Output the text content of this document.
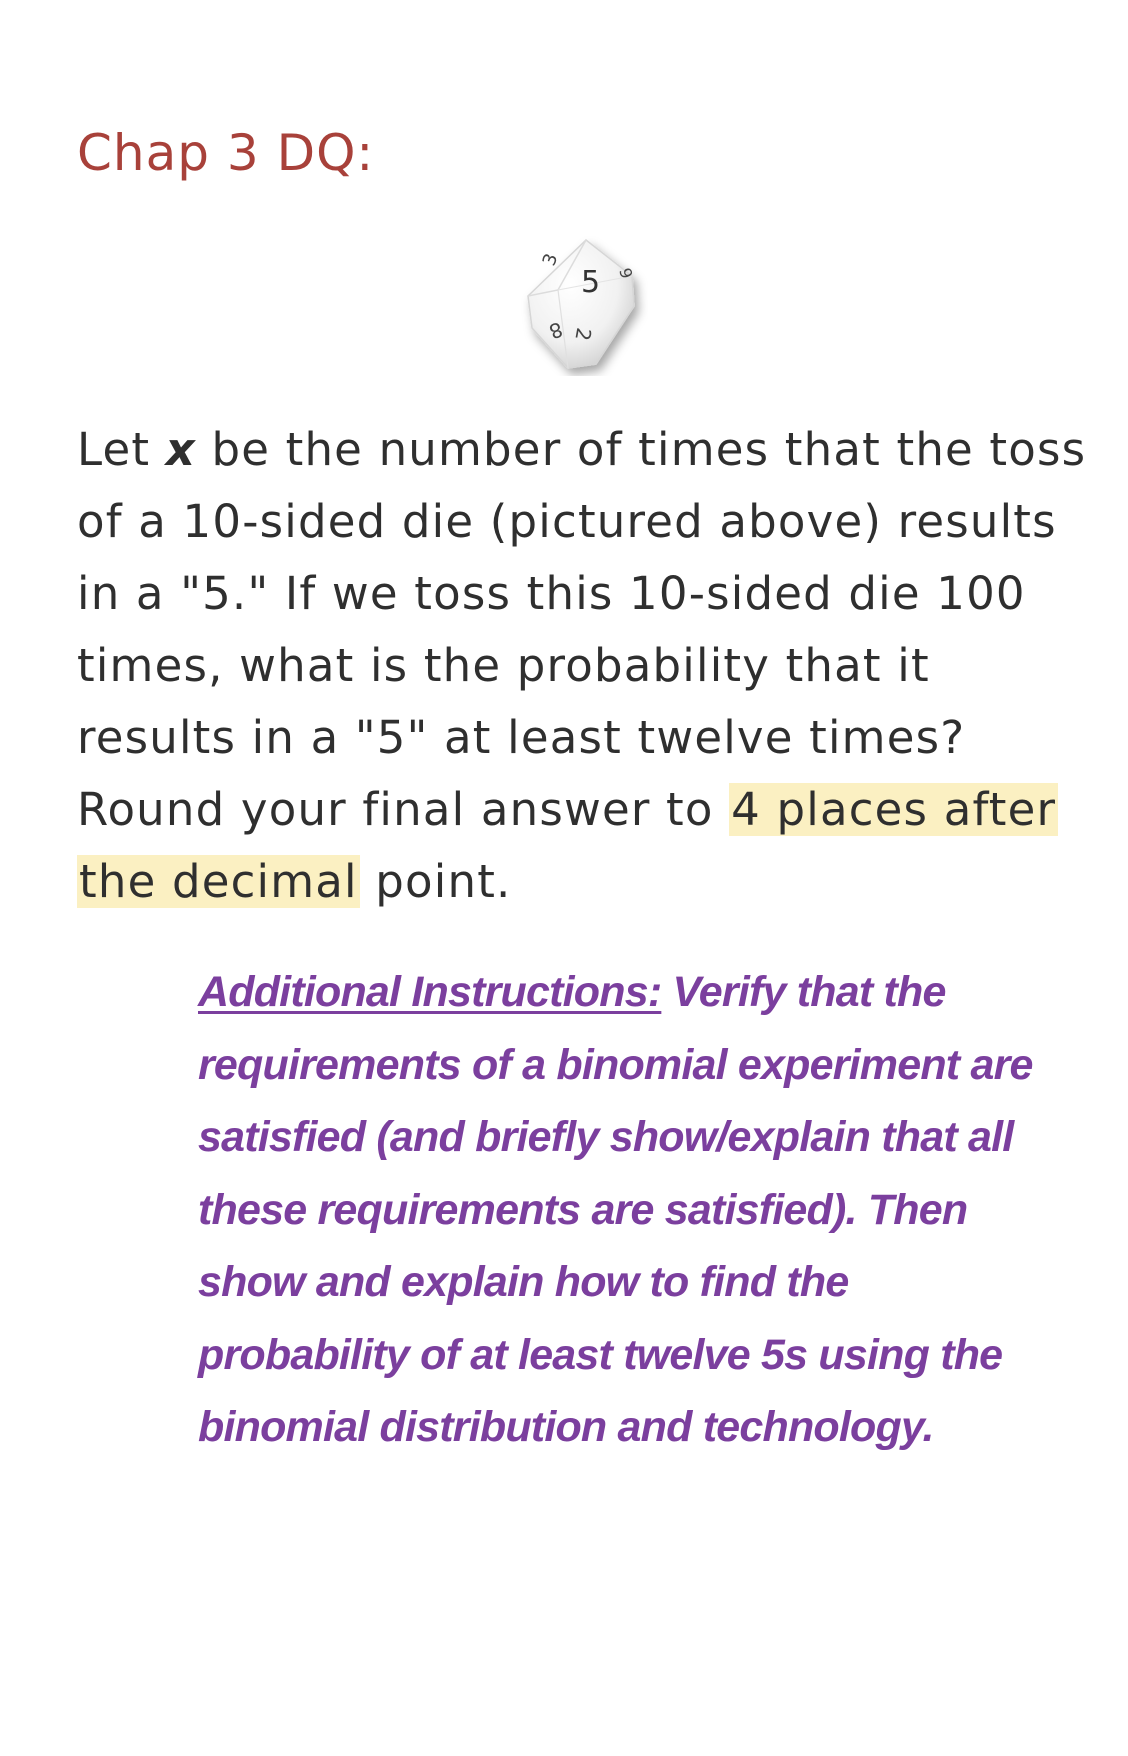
Chap 3 DQ:
5
3
9
8 2

Let x be the number of times that the toss
of a 10-sided die (pictured above) results
in a "5." If we toss this 10-sided die 100
times, what is the probability that it
results in a "5" at least twelve times?
Round your final answer to 4 places after
the decimal point.

Additional Instructions: Verify that the
requirements of a binomial experiment are
satisfied (and briefly show/explain that all
these requirements are satisfied). Then
show and explain how to find the
probability of at least twelve 5s using the
binomial distribution and technology.
